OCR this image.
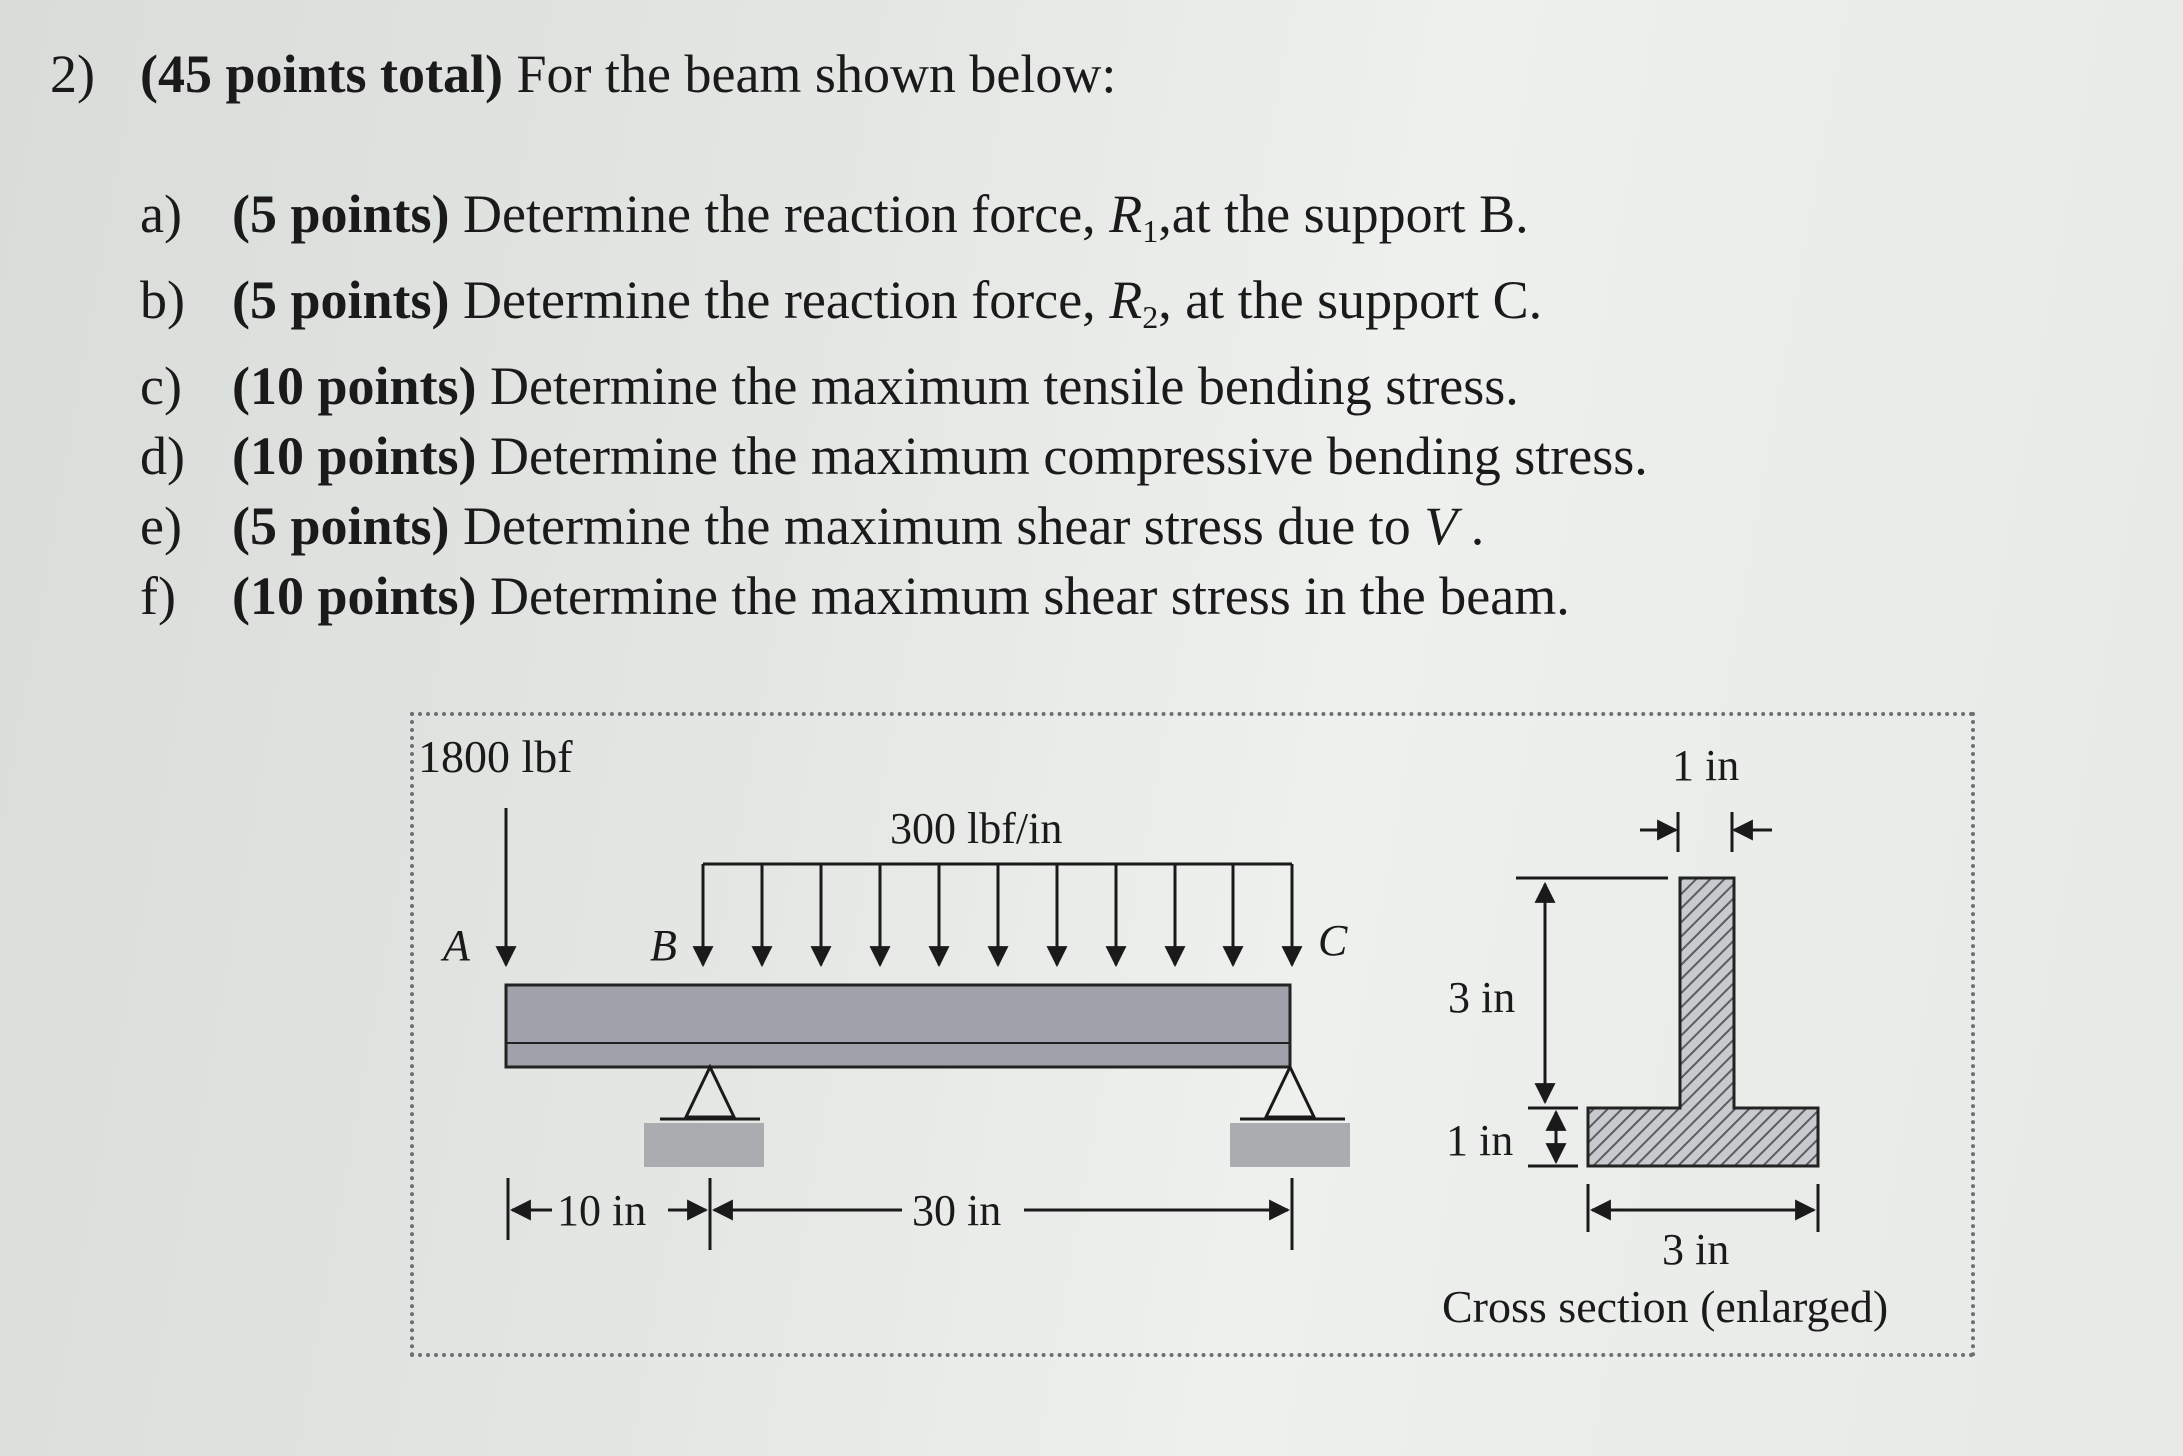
2) (45 points total) For the beam shown below:
a) (5 points) Determine the reaction force, $R_1,at$ the support B.
b) (5 points) Determine the reaction force, $R_2$, at the support C.
c) (10 points) Determine the maximum tensile bending stress.
d) (10 points) Determine the maximum compressive bending stress.
e) (5 points) Determine the maximum shear stress due to V .
f) (10 points) Determine the maximum shear stress in the beam.
1800 lbf
300 lbf/in
A	B	C
10 in	30 in
1 in
3 in
1 in
3 in
Cross section (enlarged)
